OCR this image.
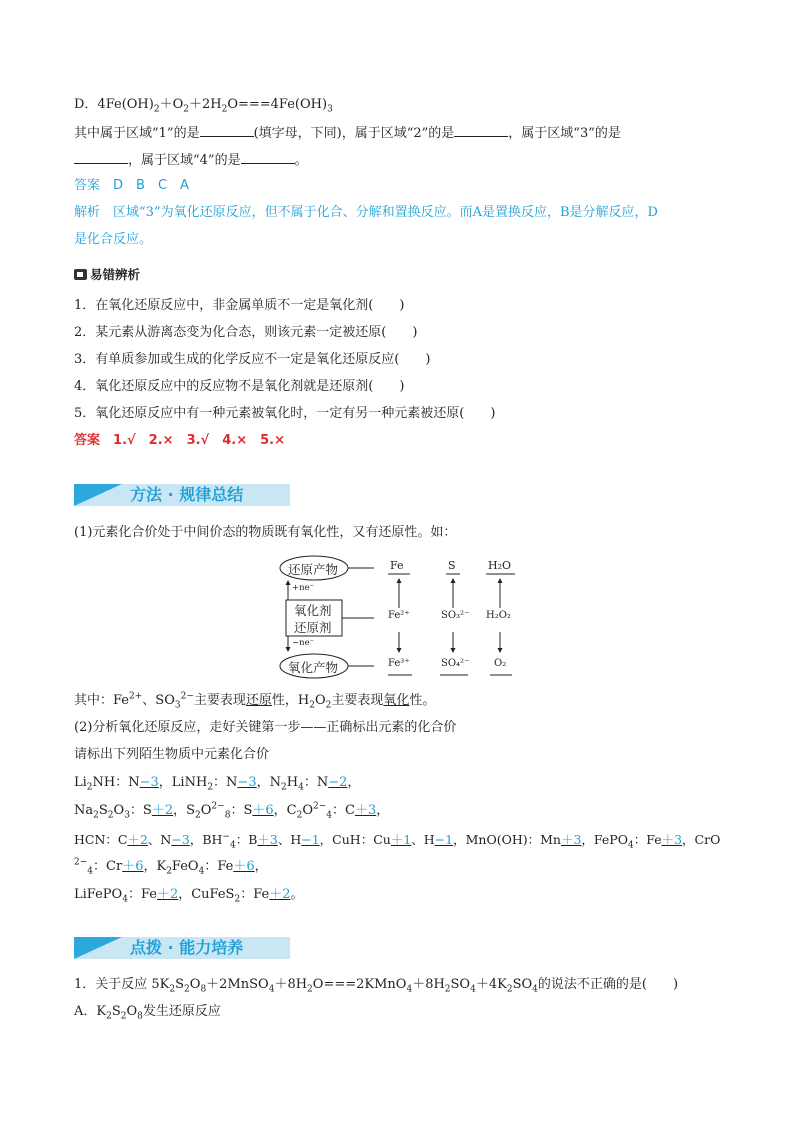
D．$4Fe(OH)_2+O_2+2H_2O===4Fe(OH)_3$
其中属于区域“1”的是	(填字母，下同)，属于区域“2”的是	，属于区域“3”的是
，属于区域“4”的是	。
答案　 D　B　C　A
解析　 区域“3”为氧化还原反应，但不属于化合、分解和置换反应。而A是置换反应，B是分解反应，D
是化合反应。
易错辨析
1．在氧化还原反应中，非金属单质不一定是氧化剂(　　)
2．某元素从游离态变为化合态，则该元素一定被还原(　　)
3．有单质参加或生成的化学反应不一定是氧化还原反应(　　)
4．氧化还原反应中的反应物不是氧化剂就是还原剂(　　)
5．氧化还原反应中有一种元素被氧化时，一定有另一种元素被还原(　　)
答案　 1.√　2.×　3.√　4.×　5.×
方法 · 规律总结
(1)元素化合价处于中间价态的物质既有氧化性，又有还原性。如：
还原产物
氧化产物
氧化剂
还原剂
+ne⁻
−ne⁻
Fe
Fe²⁺
Fe³⁺
S
SO₃²⁻
SO₄²⁻
H₂O
H₂O₂
O₂
其中：$Fe^{2+}$、$SO_3^{2-}$主要表现还原性，$H_2O_2$主要表现氧化性。
(2)分析氧化还原反应，走好关键第一步——正确标出元素的化合价
请标出下列陌生物质中元素化合价
$Li_2NH$：N−3，LiNH$_2$：N−3，$N_2H_4$：N−2，
$Na_2S_2O_3$：S＋2，$S_2O^{2-}_8$：S＋6，$C_2O^{2-}_4$：C＋3，
HCN：C＋2、N−3，$BH^-_4$：B＋3、H−1，CuH：Cu＋1、H−1，MnO(OH)：Mn＋3，FePO$_4$：Fe＋3，CrO
$^{2-}_4$：Cr＋6，$K_2FeO_4$：Fe＋6，
LiFePO$_4$：Fe＋2，CuFeS$_2$：Fe＋2。
点拨 · 能力培养
1．关于反应 $5K_2S_2O_8+2MnSO_4+8H_2O===2KMnO_4+8H_2SO_4+4K_2SO_4$的说法不正确的是(　　)
A．$K_2S_2O_8$发生还原反应
